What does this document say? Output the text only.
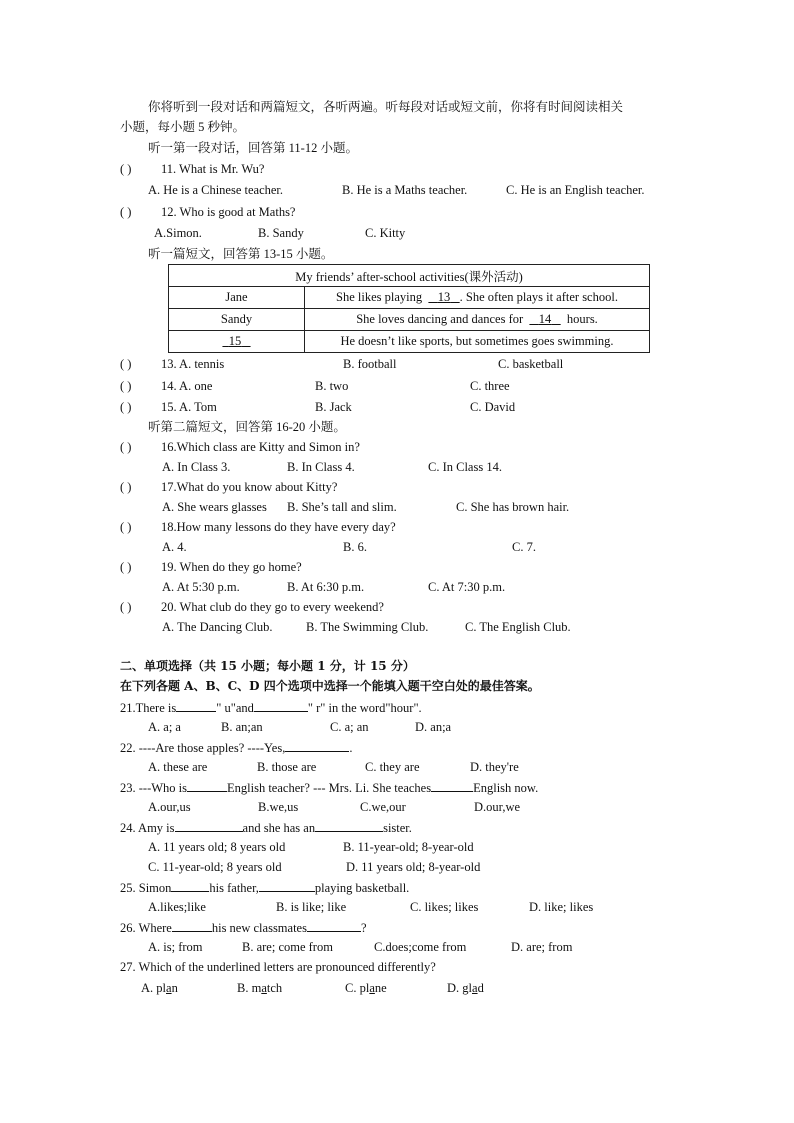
你将听到一段对话和两篇短文，各听两遍。听每段对话或短文前，你将有时间阅读相关
小题，每小题 5 秒钟。
听一第一段对话，回答第 11-12 小题。
( ) 11. What is Mr. Wu?
A. He is a Chinese teacher.	B. He is a Maths teacher.	C. He is an English teacher.
( ) 12. Who is good at Maths?
A.Simon.	B. Sandy	C. Kitty
听一篇短文，回答第 13-15 小题。
My friends’ after-school activities(课外活动)	
Jane	She likes playing 13 . She often plays it after school.
Sandy	She loves dancing and dances for 14 hours.
15	He doesn’t like sports, but sometimes goes swimming.
( ) 13. A. tennis	B. football	C. basketball
( ) 14. A. one	B. two	C. three
( ) 15. A. Tom	B. Jack	C. David
听第二篇短文，回答第 16-20 小题。
( ) 16.Which class are Kitty and Simon in?
A. In Class 3.	B. In Class 4.	C. In Class 14.
( ) 17.What do you know about Kitty?
A. She wears glasses B. She’s tall and slim.	C. She has brown hair.
( ) 18.How many lessons do they have every day?
A. 4.	B. 6.	C. 7.
( ) 19. When do they go home?
A. At 5:30 p.m.	B. At 6:30 p.m.	C. At 7:30 p.m.
( ) 20. What club do they go to every weekend?
A. The Dancing Club.	B. The Swimming Club.	C. The English Club.
二、单项选择（共 15 小题；每小题 1 分，计 15 分）
在下列各题 A、B、C、D 四个选项中选择一个能填入题干空白处的最佳答案。
21.There is	" u"and	" r" in the word"hour".
A. a; a	B. an;an	C. a; an	D. an;a
22. ----Are those apples? ----Yes,	.
A. these are	B. those are	C. they are	D. they're
23. ---Who is	English teacher? --- Mrs. Li. She teaches	English now.
A.our,us	B.we,us	C.we,our	D.our,we
24. Amy is	and she has an	sister.
A. 11 years old; 8 years old	B. 11-year-old; 8-year-old
C. 11-year-old; 8 years old	D. 11 years old; 8-year-old
25. Simon	his father,	playing basketball.
A.likes;like	B. is like; like	C. likes; likes	D. like; likes
26. Where	his new classmates	?
A. is; from	B. are; come from	C.does;come from	D. are; from
27. Which of the underlined letters are pronounced differently?
A. plan	B. match	C. plane	D. glad
